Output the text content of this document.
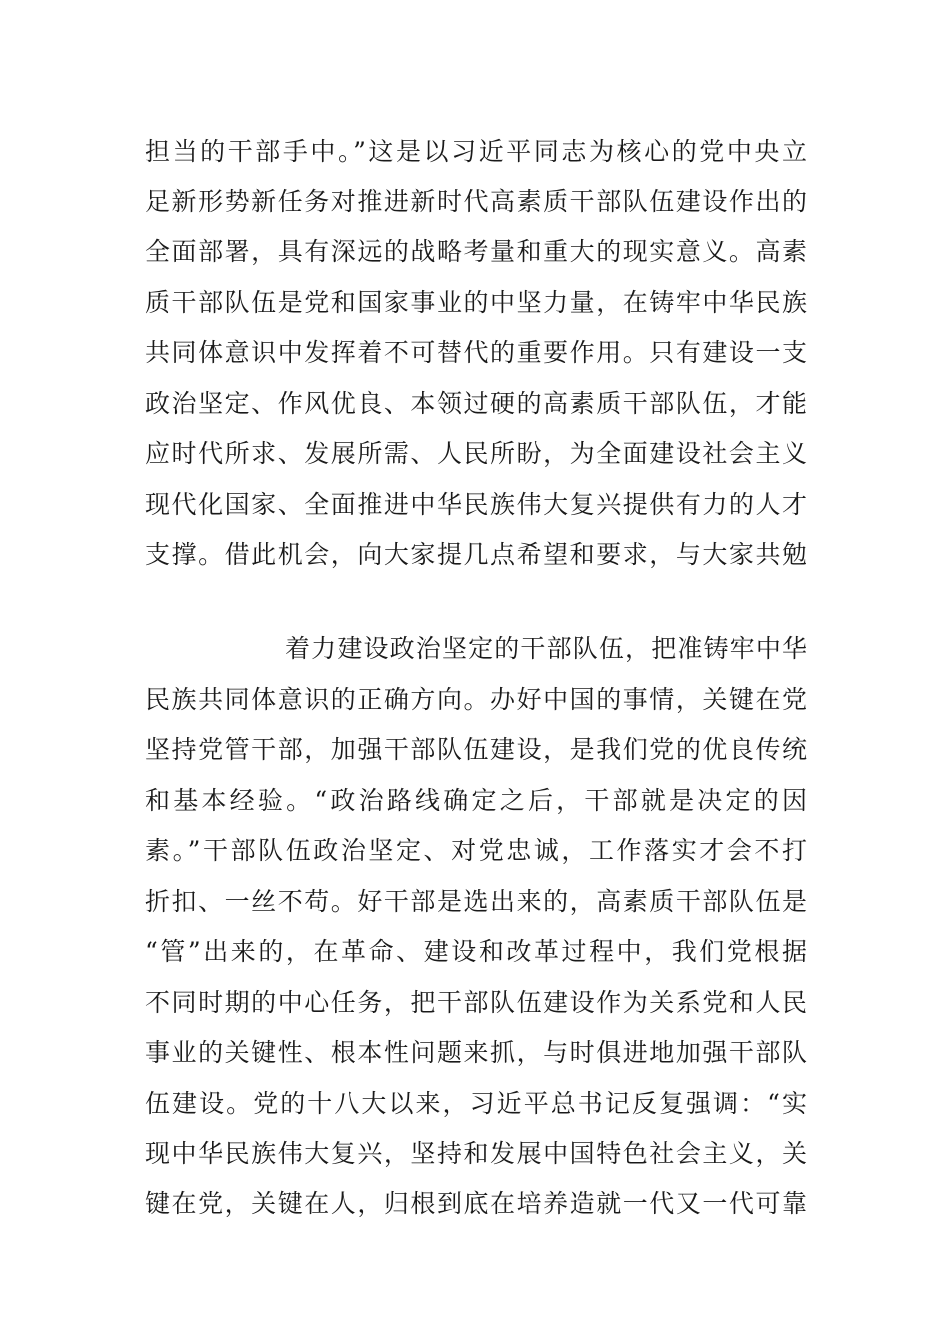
担当的干部手中。”这是以习近平同志为核心的党中央立
足新形势新任务对推进新时代高素质干部队伍建设作出的
全面部署，具有深远的战略考量和重大的现实意义。高素
质干部队伍是党和国家事业的中坚力量，在铸牢中华民族
共同体意识中发挥着不可替代的重要作用。只有建设一支
政治坚定、作风优良、本领过硬的高素质干部队伍，才能
应时代所求、发展所需、人民所盼，为全面建设社会主义
现代化国家、全面推进中华民族伟大复兴提供有力的人才
支撑。借此机会，向大家提几点希望和要求，与大家共勉
着力建设政治坚定的干部队伍，把准铸牢中华
民族共同体意识的正确方向。办好中国的事情，关键在党
坚持党管干部，加强干部队伍建设，是我们党的优良传统
和基本经验。“政治路线确定之后，干部就是决定的因
素。”干部队伍政治坚定、对党忠诚，工作落实才会不打
折扣、一丝不苟。好干部是选出来的，高素质干部队伍是
“管”出来的，在革命、建设和改革过程中，我们党根据
不同时期的中心任务，把干部队伍建设作为关系党和人民
事业的关键性、根本性问题来抓，与时俱进地加强干部队
伍建设。党的十八大以来，习近平总书记反复强调：“实
现中华民族伟大复兴，坚持和发展中国特色社会主义，关
键在党，关键在人，归根到底在培养造就一代又一代可靠
